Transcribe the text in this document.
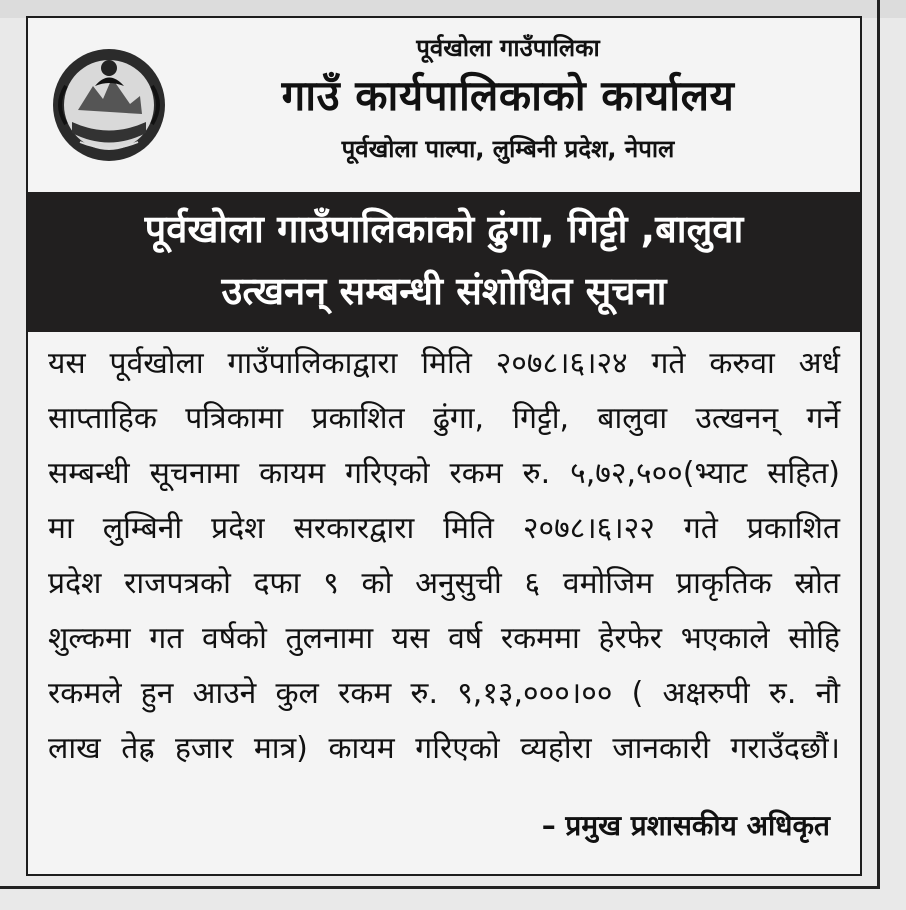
पूर्वखोला गाउँपालिका
गाउँ कार्यपालिकाको कार्यालय
पूर्वखोला पाल्पा, लुम्बिनी प्रदेश, नेपाल
पूर्वखोला गाउँपालिकाको ढुंगा, गिट्टी ,बालुवा
उत्खनन् सम्बन्धी संशोधित सूचना
यस पूर्वखोला गाउँपालिकाद्वारा मिति २०७८।६।२४ गते करुवा अर्ध
साप्ताहिक पत्रिकामा प्रकाशित ढुंगा, गिट्टी, बालुवा उत्खनन् गर्ने
सम्बन्धी सूचनामा कायम गरिएको रकम रु. ५,७२,५००(भ्याट सहित)
मा लुम्बिनी प्रदेश सरकारद्वारा मिति २०७८।६।२२ गते प्रकाशित
प्रदेश राजपत्रको दफा ९ को अनुसुची ६ वमोजिम प्राकृतिक स्रोत
शुल्कमा गत वर्षको तुलनामा यस वर्ष रकममा हेरफेर भएकाले सोहि
रकमले हुन आउने कुल रकम रु. ९,१३,०००।०० ( अक्षरुपी रु. नौ
लाख तेह्र हजार मात्र) कायम गरिएको व्यहोरा जानकारी गराउँदछौं।
– प्रमुख प्रशासकीय अधिकृत
